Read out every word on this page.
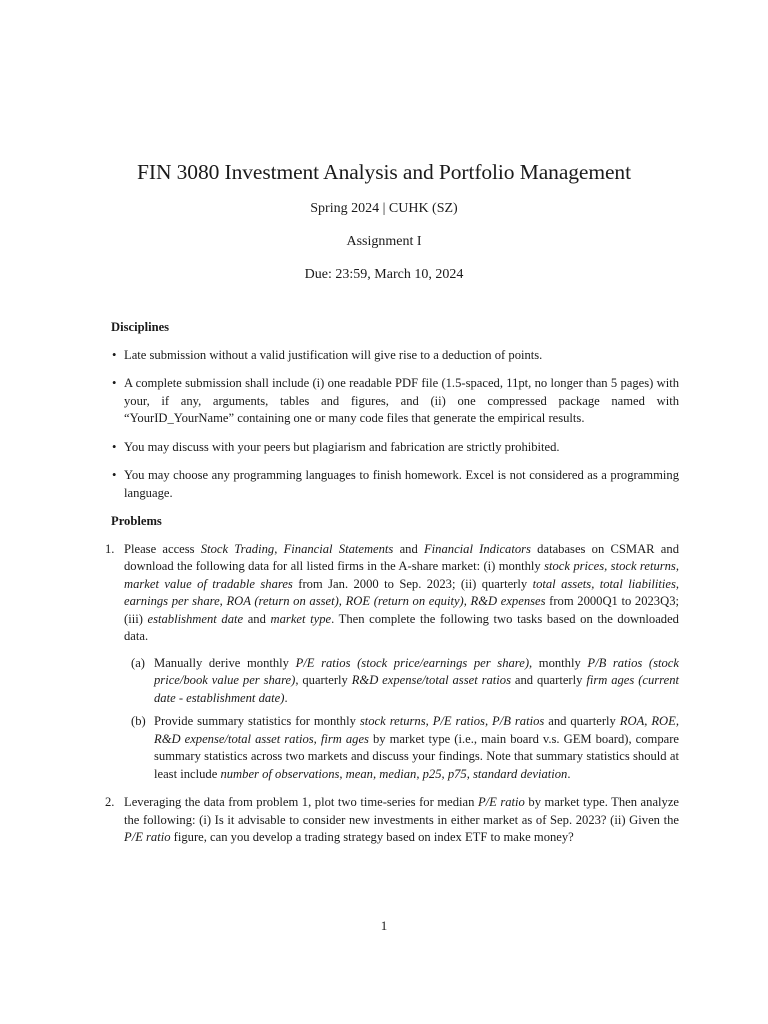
FIN 3080 Investment Analysis and Portfolio Management
Spring 2024 | CUHK (SZ)
Assignment I
Due: 23:59, March 10, 2024
Disciplines
• Late submission without a valid justification will give rise to a deduction of points.
• A complete submission shall include (i) one readable PDF file (1.5-spaced, 11pt, no longer than 5 pages) with your, if any, arguments, tables and figures, and (ii) one compressed package named with “YourID_YourName” containing one or many code files that generate the empirical results.
• You may discuss with your peers but plagiarism and fabrication are strictly prohibited.
• You may choose any programming languages to finish homework. Excel is not considered as a programming language.
Problems
1. Please access Stock Trading, Financial Statements and Financial Indicators databases on CSMAR and download the following data for all listed firms in the A-share market: (i) monthly stock prices, stock returns, market value of tradable shares from Jan. 2000 to Sep. 2023; (ii) quarterly total assets, total liabilities, earnings per share, ROA (return on asset), ROE (return on equity), R&D expenses from 2000Q1 to 2023Q3; (iii) establishment date and market type. Then complete the following two tasks based on the downloaded data.
(a) Manually derive monthly P/E ratios (stock price/earnings per share), monthly P/B ratios (stock price/book value per share), quarterly R&D expense/total asset ratios and quarterly firm ages (current date - establishment date).
(b) Provide summary statistics for monthly stock returns, P/E ratios, P/B ratios and quarterly ROA, ROE, R&D expense/total asset ratios, firm ages by market type (i.e., main board v.s. GEM board), compare summary statistics across two markets and discuss your findings. Note that summary statistics should at least include number of observations, mean, median, p25, p75, standard deviation.
2. Leveraging the data from problem 1, plot two time-series for median P/E ratio by market type. Then analyze the following: (i) Is it advisable to consider new investments in either market as of Sep. 2023? (ii) Given the P/E ratio figure, can you develop a trading strategy based on index ETF to make money?
1
